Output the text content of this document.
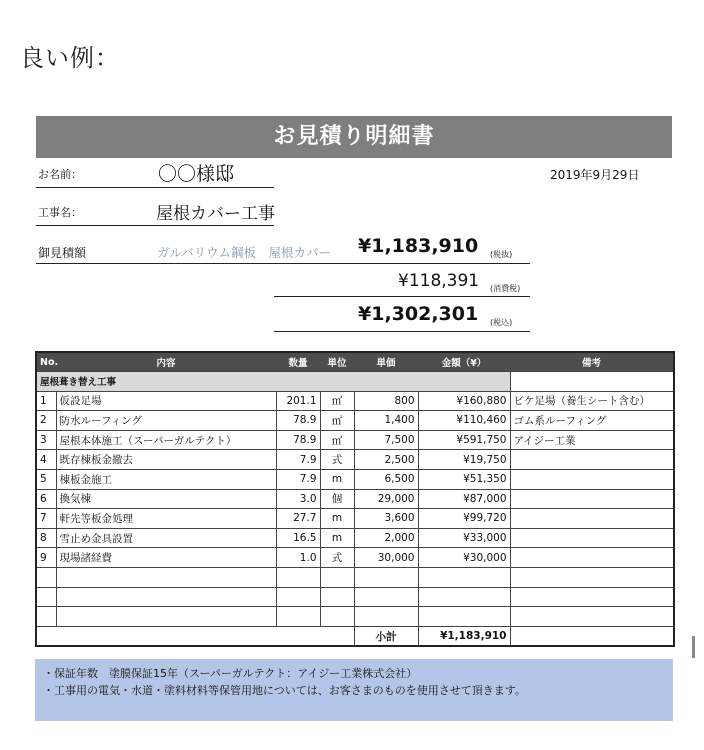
良い例：
お見積り明細書
お名前：	〇〇様邸	2019年9月29日
工事名：	屋根カバー工事
御見積額	ガルバリウム鋼板　屋根カバー ¥1,183,910 (税抜)
¥118,391 (消費税)
¥1,302,301 (税込)
No.	内容	数量	単位	単価	金額（¥）	備考
屋根葺き替え工事						
1	仮設足場	201.1	㎡	800	¥160,880	ビケ足場（養生シート含む）
2	防水ルーフィング	78.9	㎡	1,400	¥110,460	ゴム系ルーフィング
3	屋根本体施工（スーパーガルテクト）	78.9	㎡	7,500	¥591,750	アイジー工業
4	既存棟板金撤去	7.9	式	2,500	¥19,750	
5	棟板金施工	7.9	m	6,500	¥51,350	
6	換気棟	3.0	個	29,000	¥87,000	
7	軒先等板金処理	27.7	m	3,600	¥99,720	
8	雪止め金具設置	16.5	m	2,000	¥33,000	
9	現場諸経費	1.0	式	30,000	¥30,000	

				小計	¥1,183,910	
・保証年数　塗膜保証15年（スーパーガルテクト：アイジー工業株式会社）
・工事用の電気・水道・塗料材料等保管用地については、お客さまのものを使用させて頂きます。
